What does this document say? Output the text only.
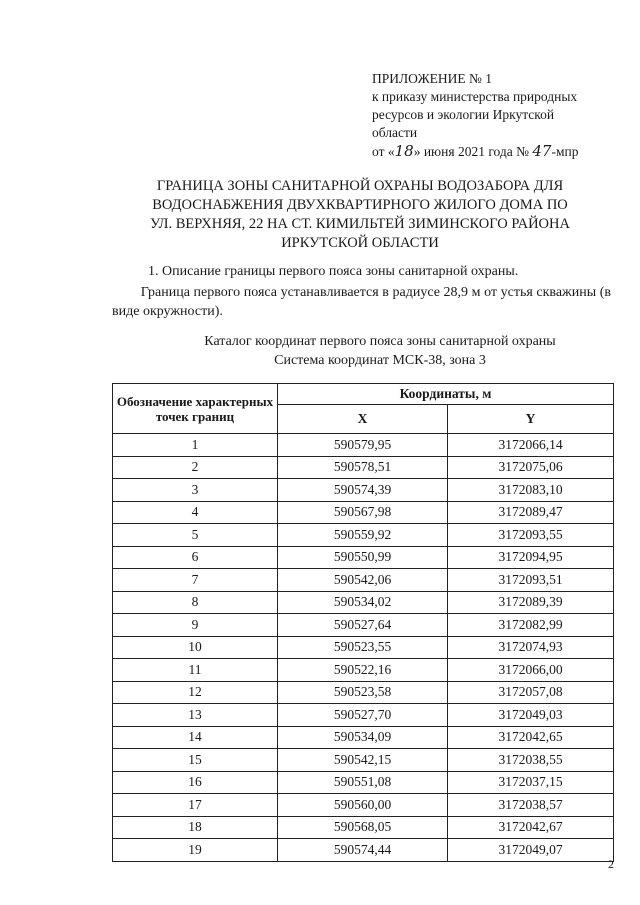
ПРИЛОЖЕНИЕ № 1
к приказу министерства природных
ресурсов и экологии Иркутской
области
от «18» июня 2021 года № 47-мпр
ГРАНИЦА ЗОНЫ САНИТАРНОЙ ОХРАНЫ ВОДОЗАБОРА ДЛЯ
ВОДОСНАБЖЕНИЯ ДВУХКВАРТИРНОГО ЖИЛОГО ДОМА ПО
УЛ. ВЕРХНЯЯ, 22 НА СТ. КИМИЛЬТЕЙ ЗИМИНСКОГО РАЙОНА
ИРКУТСКОЙ ОБЛАСТИ
1. Описание границы первого пояса зоны санитарной охраны.
Граница первого пояса устанавливается в радиусе 28,9 м от устья скважины (в виде окружности).
Каталог координат первого пояса зоны санитарной охраны
Система координат МСК-38, зона 3
Обозначение характерных точек границ	Координаты, м	
	X	Y
1	590579,95	3172066,14
2	590578,51	3172075,06
3	590574,39	3172083,10
4	590567,98	3172089,47
5	590559,92	3172093,55
6	590550,99	3172094,95
7	590542,06	3172093,51
8	590534,02	3172089,39
9	590527,64	3172082,99
10	590523,55	3172074,93
11	590522,16	3172066,00
12	590523,58	3172057,08
13	590527,70	3172049,03
14	590534,09	3172042,65
15	590542,15	3172038,55
16	590551,08	3172037,15
17	590560,00	3172038,57
18	590568,05	3172042,67
19	590574,44	3172049,07
2
